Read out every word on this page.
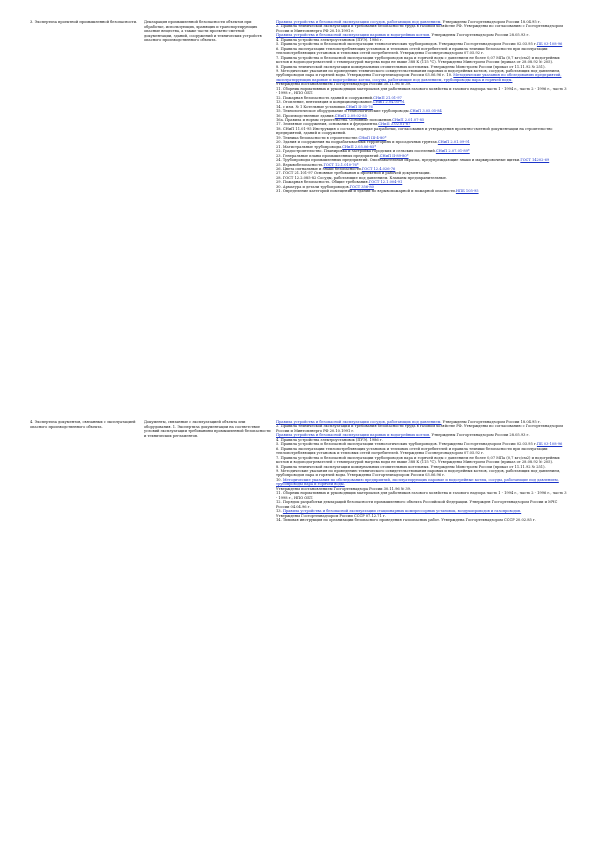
3. Экспертиза проектной промышленной безопасности.	Декларация промышленной безопасности объектов при обработке, использующих, хранящих и транспортирующих опасные вещества, а также части проектно-сметной документации, зданий, сооружений и технических устройств опасного производственного объекта.

Правила устройства и безопасной эксплуатации сосудов, работающих под давлением. Утверждены Госгортехнадзором России 18.04.95 г.

2. Правила технической эксплуатации и требования безопасности труда в газовом хозяйстве РФ. Утверждены по согласованию с Госгортехнадзором России и Минтопэнерго РФ 20.10.1991 г.

Правила устройства и безопасной эксплуатации паровых и водогрейных котлов. Утверждены Госгортехнадзором России 28.05.93 г.

4. Правила устройства электроустановок (ПУЭ). 1986 г.

5. Правила устройства и безопасной эксплуатации технологических трубопроводов. Утверждены Госгортехнадзором России 02.03.95 г.ПБ 03-108-96

6. Правила эксплуатации теплопотребляющих установок и тепловых сетей потребителей и правила техники безопасности при эксплуатации теплопотребляющих установок и тепловых сетей потребителей. Утверждены Госэнергонадзором 07.05.92 г.

7. Правила устройства и безопасной эксплуатации трубопроводов пара и горячей воды с давлением не более 0,07 МПа (0,7 кгс/см2) и водогрейных котлов и водоподогревателей с температурой нагрева воды не выше 388 К (115 °С). Утверждены Минстроем России (приказ от 28.08.92 № 205).

8. Правила технической эксплуатации коммунальных отопительных котельных. Утверждены Минстроем России (приказ от 11.11.92 № 251).

9. Методические указания по проведению технического освидетельствования паровых и водогрейных котлов, сосудов, работающих под давлением, трубопроводов пара и горячей воды. Утверждены Госгортехнадзором России 03.06.96 г. 10. Методические указания по обследованию предприятий, эксплуатирующих паровые и водогрейные котлы, сосуды, работающие под давлением, трубопроводы пара и горячей воды.

Утверждены постановлением Госгортехнадзора России 30.11.96 № 39.

11. Сборник нормативных и руководящих материалов для работников газового хозяйства и газового надзора часть 1 - 1994 г., часть 2 - 1996 г., часть 3 - 1998 г., НПО ОБТ.

12. Пожарная безопасность зданий и сооружений.СНиП 21.01-97

13. Отопление, вентиляция и кондиционирование.СНиП 2.04.05-91

14. с изм. № 1 Котельные установки.СНиП II-35-76

15. Технологическое оборудование и технологические трубопроводы.СНиП 3.05.05-84

16. Производственные здания.СНиП 2.09.02-85

16а. Правила и нормы строительства. Основные положения.СНиП 2.01.07-85

17. Земляные сооружения, основания и фундаменты.СНиП 3.02.01-87

18. СНиП 11.01-95 Инструкция о составе, порядке разработки, согласования и утверждения проектно-сметной документации на строительство предприятий, зданий и сооружений.

19. Техника безопасности в строительстве.СНиП III-4-80*

20. Здания и сооружения на подрабатываемых территориях и просадочных грунтах.СНиП 2.01.09-91

21. Магистральные трубопроводы.СНиП 2.05.06-85*

22. Градостроительство. Планировка и застройка городских и сельских поселений.СНиП 2.07.01-89*

23. Генеральные планы промышленных предприятий.СНиП II-89-80*

24. Трубопроводы промышленных предприятий. Опознавательная окраска, предупреждающие знаки и маркировочные щитки.ГОСТ 14202-69

25. Взрывобезопасность.ГОСТ 12.1.010-76*

26. Цвета сигнальные и знаки безопасности.ГОСТ 12.4.026-76

27. ГОСТ 21.101-97 Основные требования к проектной и рабочей документации.

28. ГОСТ 12.2.085-82 Сосуды, работающие под давлением. Клапаны предохранительные.

29. Пожарная безопасность. Общие требования.ГОСТ 12.1.004-91

30. Арматура и детали трубопроводов.ГОСТ 356-80

31. Определение категорий помещений и зданий по взрывопожарной и пожарной опасности.НПБ 105-95

4. Экспертиза документов, связанных с эксплуатацией опасного производственного объекта.

Документы, связанные с эксплуатацией объекта или оборудования. 1. Экспертиза документации на соответствие условий эксплуатации требованиям промышленной безопасности и технических регламентов.

Правила устройства и безопасной эксплуатации сосудов, работающих под давлением. Утверждены Госгортехнадзором России 18.04.95 г.

2. Правила технической эксплуатации и требования безопасности труда в газовом хозяйстве РФ. Утверждены по согласованию с Госгортехнадзором России и Минтопэнерго РФ 20.10.1991 г.

Правила устройства и безопасной эксплуатации паровых и водогрейных котлов. Утверждены Госгортехнадзором России 28.05.93 г.

4. Правила устройства электроустановок (ПУЭ). 1986 г.

5. Правила устройства и безопасной эксплуатации технологических трубопроводов. Утверждены Госгортехнадзором России 02.03.95 г.ПБ 03-108-96

6. Правила эксплуатации теплопотребляющих установок и тепловых сетей потребителей и правила техники безопасности при эксплуатации теплопотребляющих установок и тепловых сетей потребителей. Утверждены Госэнергонадзором 07.05.92 г.

7. Правила устройства и безопасной эксплуатации трубопроводов пара и горячей воды с давлением не более 0,07 МПа (0,7 кгс/см2) и водогрейных котлов и водоподогревателей с температурой нагрева воды не выше 388 К (115 °С). Утверждены Минстроем России (приказ от 28.08.92 № 205).

8. Правила технической эксплуатации коммунальных отопительных котельных. Утверждены Минстроем России (приказ от 11.11.92 № 251).

9. Методические указания по проведению технического освидетельствования паровых и водогрейных котлов, сосудов, работающих под давлением, трубопроводов пара и горячей воды. Утверждены Госгортехнадзором России 03.06.96 г.

10. Методические указания по обследованию предприятий, эксплуатирующих паровые и водогрейные котлы, сосуды, работающие под давлением, трубопроводы пара и горячей воды.

Утверждены постановлением Госгортехнадзора России 30.11.96 № 39.

11. Сборник нормативных и руководящих материалов для работников газового хозяйства и газового надзора часть 1 - 1994 г., часть 2 - 1996 г., часть 3 - 1998 г., НПО ОБТ.

12. Порядок разработки деклараций безопасности промышленного объекта Российской Федерации. Утвержден Госгортехнадзором России и МЧС России 04.04.96 г.

13. Правила устройства и безопасной эксплуатации стационарных компрессорных установок, воздухопроводов и газопроводов.

Утверждены Госгортехнадзором России СССР 07.12.71 г.

14. Типовая инструкция по организации безопасного проведения газоопасных работ. Утверждена Госгортехнадзором СССР 20.02.85 г.
